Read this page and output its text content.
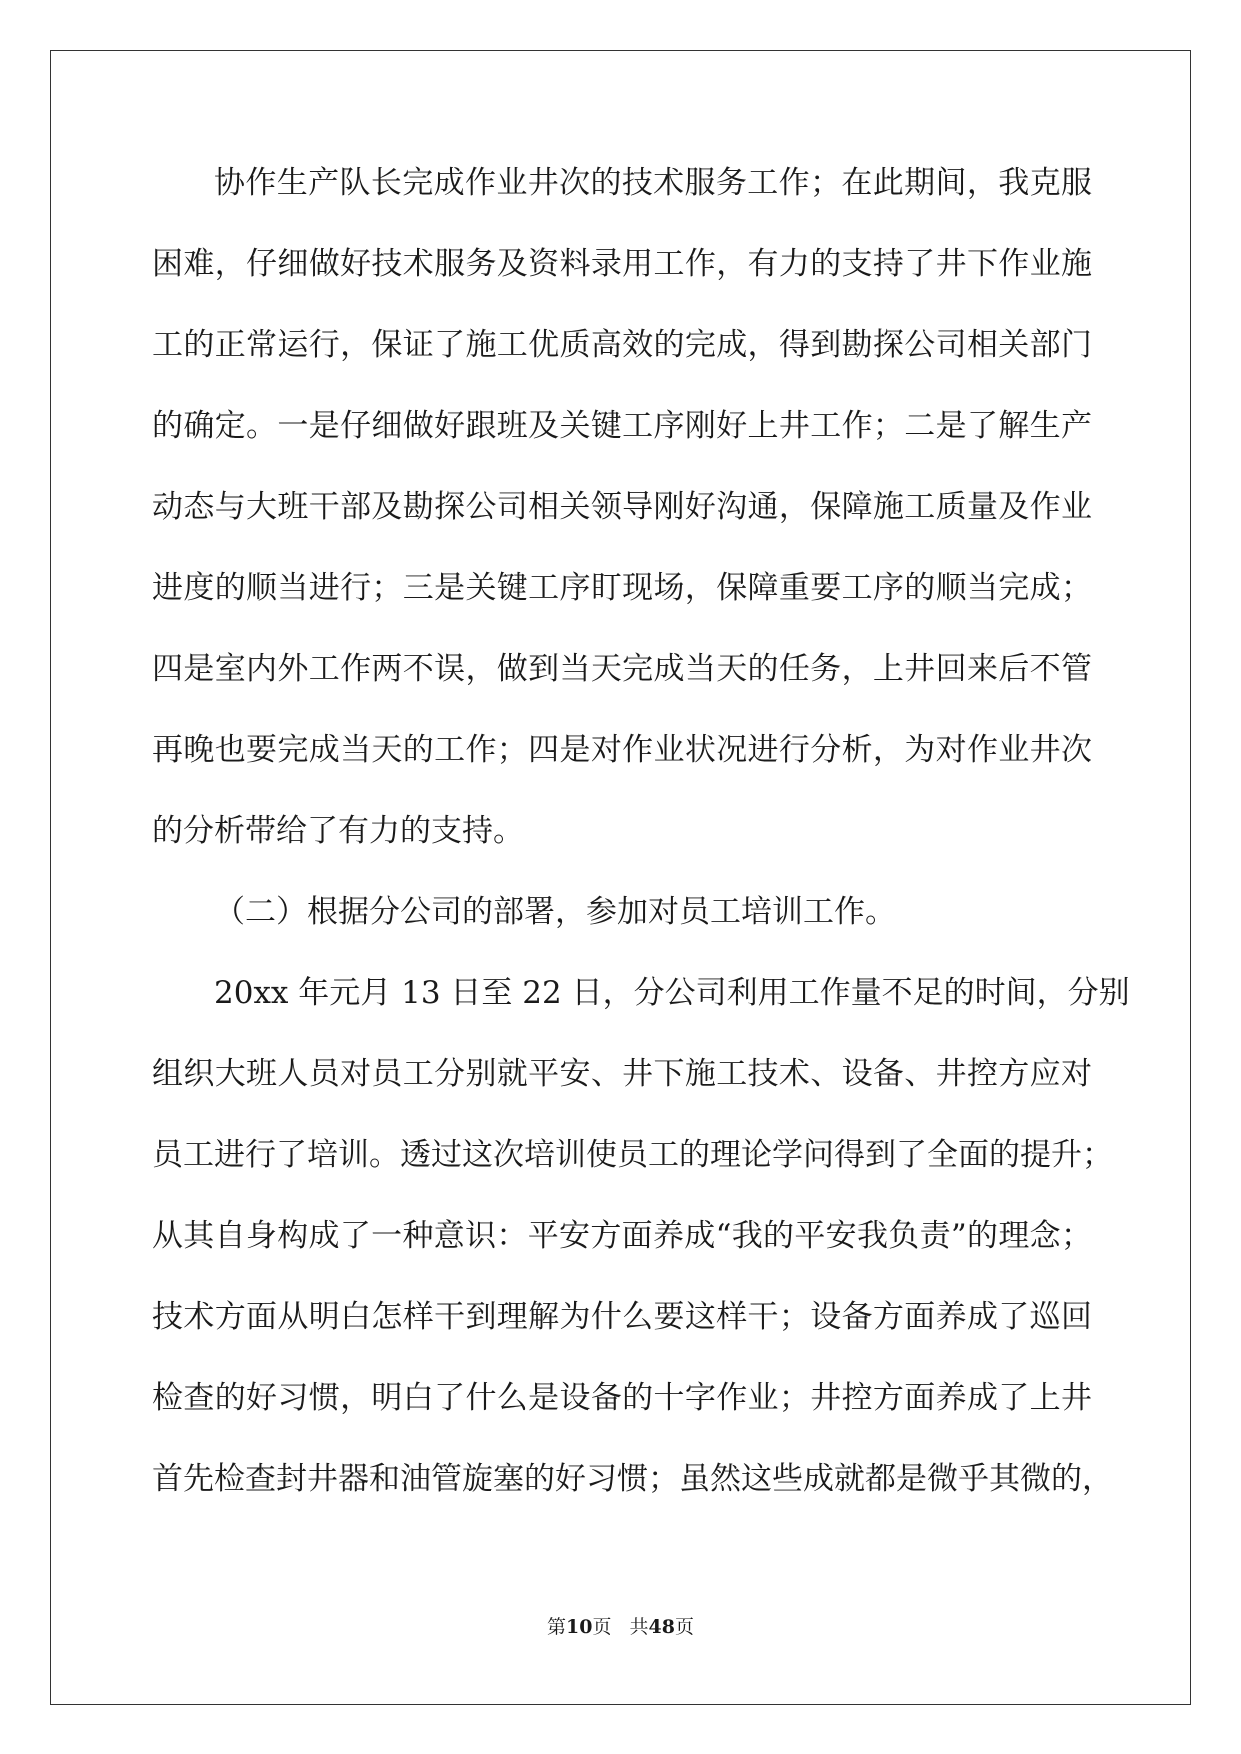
协作生产队长完成作业井次的技术服务工作；在此期间，我克服
困难，仔细做好技术服务及资料录用工作，有力的支持了井下作业施
工的正常运行，保证了施工优质高效的完成，得到勘探公司相关部门
的确定。一是仔细做好跟班及关键工序刚好上井工作；二是了解生产
动态与大班干部及勘探公司相关领导刚好沟通，保障施工质量及作业
进度的顺当进行；三是关键工序盯现场，保障重要工序的顺当完成；
四是室内外工作两不误，做到当天完成当天的任务，上井回来后不管
再晚也要完成当天的工作；四是对作业状况进行分析，为对作业井次
的分析带给了有力的支持。
（二）根据分公司的部署，参加对员工培训工作。
20xx 年元月 13 日至 22 日，分公司利用工作量不足的时间，分别
组织大班人员对员工分别就平安、井下施工技术、设备、井控方应对
员工进行了培训。透过这次培训使员工的理论学问得到了全面的提升；
从其自身构成了一种意识：平安方面养成“我的平安我负责”的理念；
技术方面从明白怎样干到理解为什么要这样干；设备方面养成了巡回
检查的好习惯，明白了什么是设备的十字作业；井控方面养成了上井
首先检查封井器和油管旋塞的好习惯；虽然这些成就都是微乎其微的，
第10页 共48页
